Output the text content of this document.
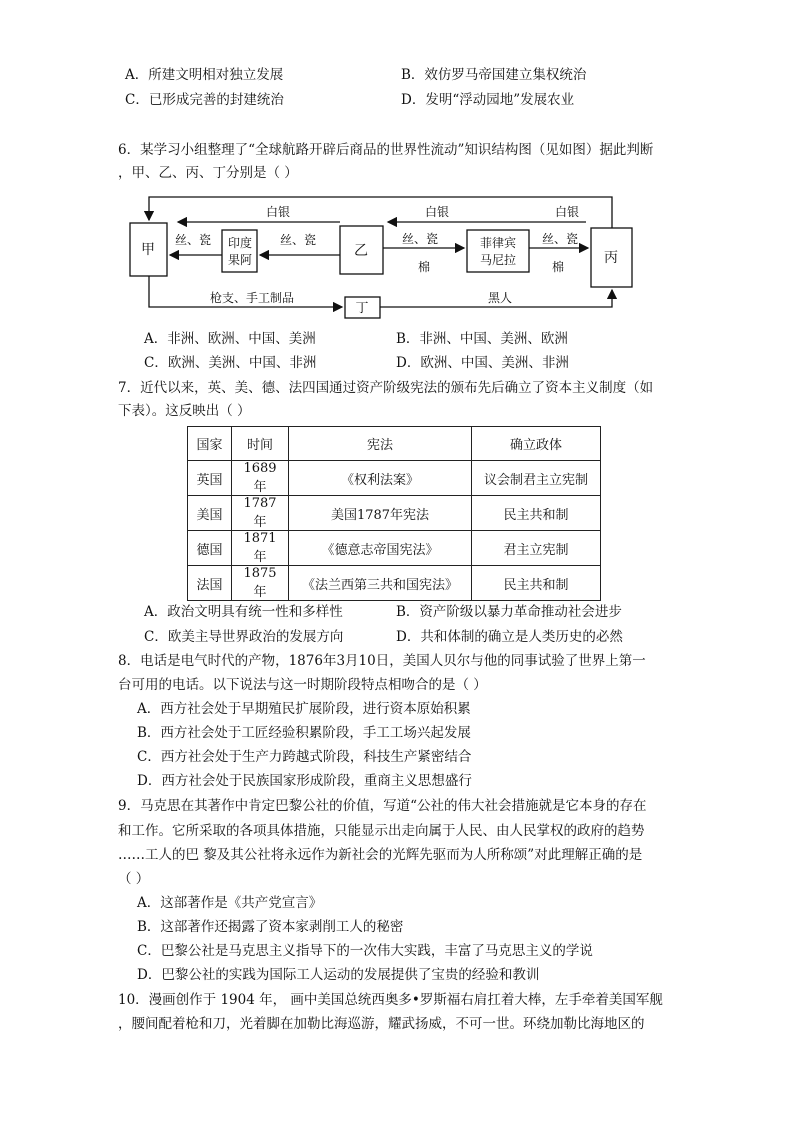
A．所建文明相对独立发展	B．效仿罗马帝国建立集权统治
C．已形成完善的封建统治	D．发明“浮动园地”发展农业
6．某学习小组整理了“全球航路开辟后商品的世界性流动”知识结构图（见如图）据此判断
，甲、乙、丙、丁分别是（ ）
甲	印度
果阿
乙	菲律宾
马尼拉	丙
丁
白银	白银	白银
丝、瓷	丝、瓷	丝、瓷	丝、瓷
棉	棉
枪支、手工制品	黑人
A．非洲、欧洲、中国、美洲	B．非洲、中国、美洲、欧洲
C．欧洲、美洲、中国、非洲	D．欧洲、中国、美洲、非洲
7．近代以来，英、美、德、法四国通过资产阶级宪法的颁布先后确立了资本主义制度（如
下表）。这反映出（ ）
国家	时间	宪法	确立政体
英国	1689年	《权利法案》	议会制君主立宪制
美国	1787年	美国1787年宪法	民主共和制
德国	1871年	《德意志帝国宪法》	君主立宪制
法国	1875年	《法兰西第三共和国宪法》	民主共和制
A．政治文明具有统一性和多样性	B．资产阶级以暴力革命推动社会进步
C．欧美主导世界政治的发展方向	D．共和体制的确立是人类历史的必然
8．电话是电气时代的产物，1876年3月10日，美国人贝尔与他的同事试验了世界上第一
台可用的电话。以下说法与这一时期阶段特点相吻合的是（ ）
A．西方社会处于早期殖民扩展阶段，进行资本原始积累
B．西方社会处于工匠经验积累阶段，手工工场兴起发展
C．西方社会处于生产力跨越式阶段，科技生产紧密结合
D．西方社会处于民族国家形成阶段，重商主义思想盛行
9．马克思在其著作中肯定巴黎公社的价值，写道“公社的伟大社会措施就是它本身的存在
和工作。它所采取的各项具体措施，只能显示出走向属于人民、由人民掌权的政府的趋势
……工人的巴 黎及其公社将永远作为新社会的光辉先驱而为人所称颂”对此理解正确的是
（ ）
A．这部著作是《共产党宣言》
B．这部著作还揭露了资本家剥削工人的秘密
C．巴黎公社是马克思主义指导下的一次伟大实践，丰富了马克思主义的学说
D．巴黎公社的实践为国际工人运动的发展提供了宝贵的经验和教训
10．漫画创作于 1904 年， 画中美国总统西奥多•罗斯福右肩扛着大棒，左手牵着美国军舰
，腰间配着枪和刀，光着脚在加勒比海巡游，耀武扬威，不可一世。环绕加勒比海地区的
